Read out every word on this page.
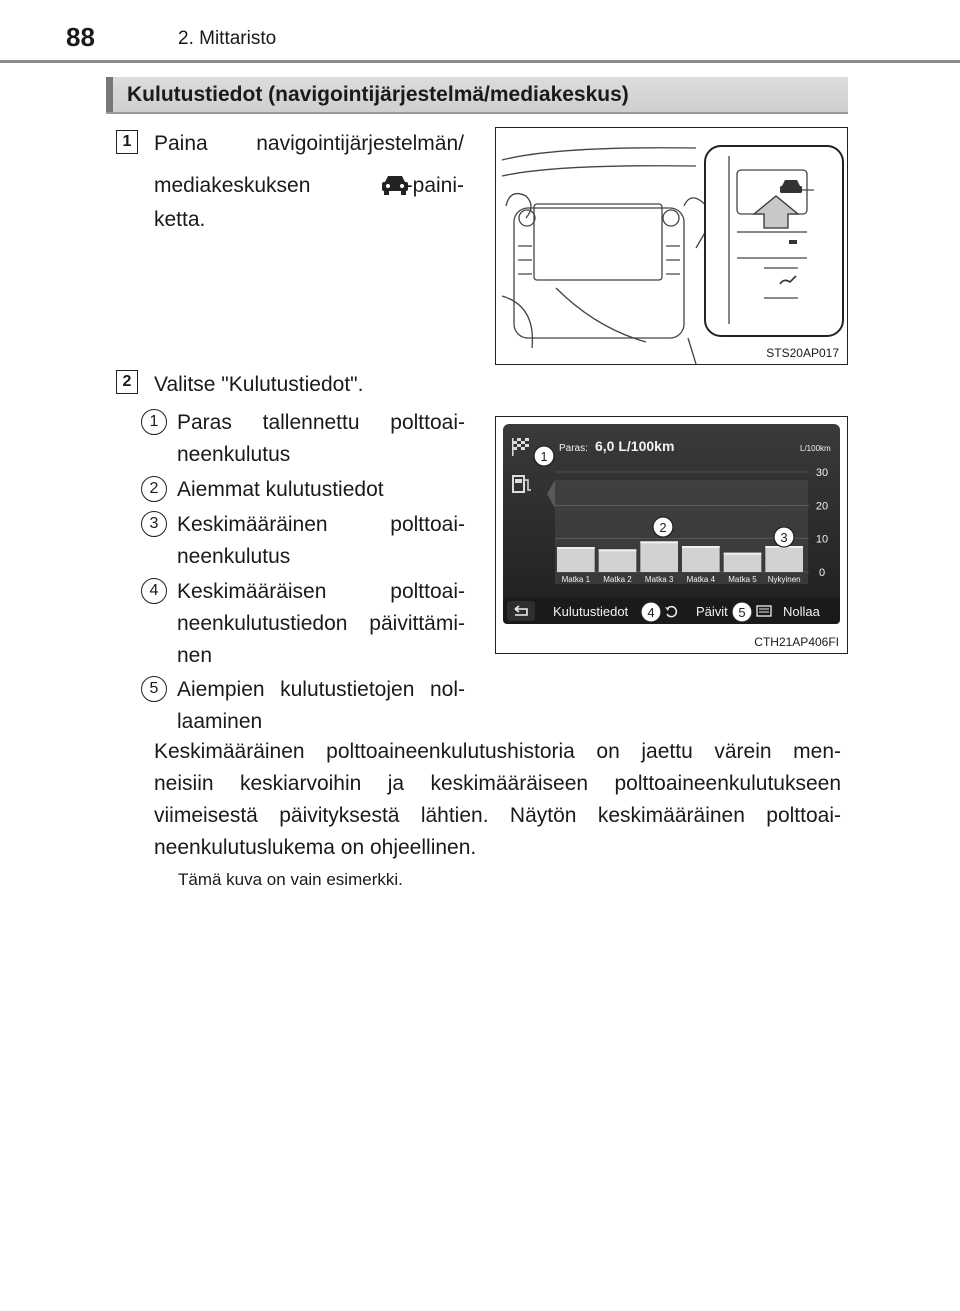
88	2. Mittaristo
Kulutustiedot (navigointijärjestelmä/mediakeskus)
1	Paina navigointijärjestelmän/
mediakeskuksen	-paini-
ketta.
STS20AP017
2	Valitse "Kulutustiedot".
1 Paras tallennettu polttoai-
neenkulutus
2 Aiemmat kulutustiedot
3 Keskimääräinen polttoai-
neenkulutus
4 Keskimääräisen polttoai-
neenkulutustiedon päivittämi-
nen
5 Aiempien kulutustietojen nol-
laaminen
Matka 1 Matka 2 Matka 3 Matka 4 Matka 5 Nykyinen
30
20
10
0
Paras: 6,0 L/100km	L/100km
Kulutustiedot	Päivit	Nollaa
1
2
3
4	5
CTH21AP406FI
Keskimääräinen polttoaineenkulutushistoria on jaettu värein men-
neisiin keskiarvoihin ja keskimääräiseen polttoaineenkulutukseen
viimeisestä päivityksestä lähtien. Näytön keskimääräinen polttoai-
neenkulutuslukema on ohjeellinen.
Tämä kuva on vain esimerkki.
